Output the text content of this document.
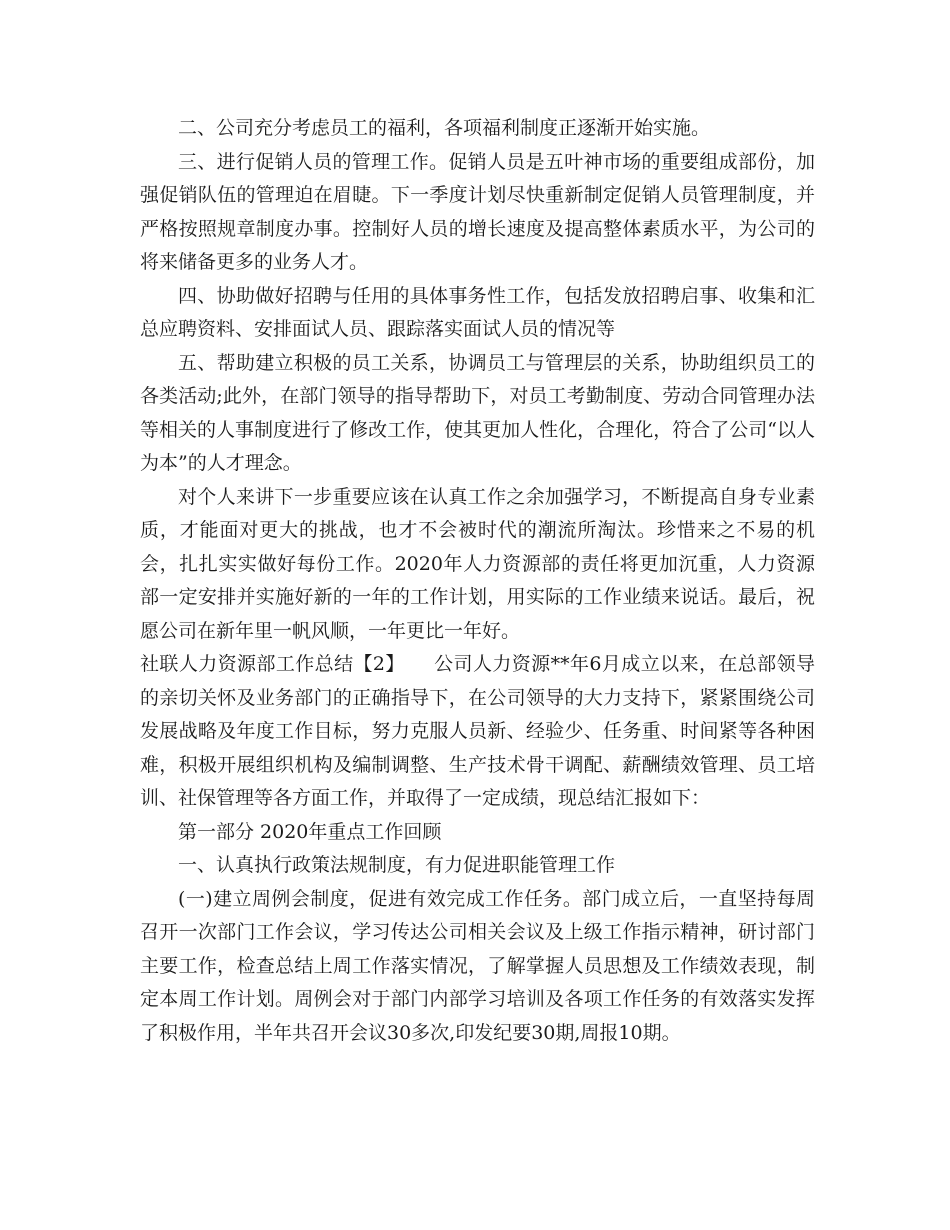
二、公司充分考虑员工的福利，各项福利制度正逐渐开始实施。

三、进行促销人员的管理工作。促销人员是五叶神市场的重要组成部份，加强促销队伍的管理迫在眉睫。下一季度计划尽快重新制定促销人员管理制度，并严格按照规章制度办事。控制好人员的增长速度及提高整体素质水平，为公司的将来储备更多的业务人才。

四、协助做好招聘与任用的具体事务性工作，包括发放招聘启事、收集和汇总应聘资料、安排面试人员、跟踪落实面试人员的情况等

五、帮助建立积极的员工关系，协调员工与管理层的关系，协助组织员工的各类活动;此外，在部门领导的指导帮助下，对员工考勤制度、劳动合同管理办法等相关的人事制度进行了修改工作，使其更加人性化，合理化，符合了公司“以人为本”的人才理念。

对个人来讲下一步重要应该在认真工作之余加强学习，不断提高自身专业素质，才能面对更大的挑战，也才不会被时代的潮流所淘汰。珍惜来之不易的机会，扎扎实实做好每份工作。2020年人力资源部的责任将更加沉重，人力资源部一定安排并实施好新的一年的工作计划，用实际的工作业绩来说话。最后，祝愿公司在新年里一帆风顺，一年更比一年好。

社联人力资源部工作总结【2】　　公司人力资源**年6月成立以来，在总部领导的亲切关怀及业务部门的正确指导下，在公司领导的大力支持下，紧紧围绕公司发展战略及年度工作目标，努力克服人员新、经验少、任务重、时间紧等各种困难，积极开展组织机构及编制调整、生产技术骨干调配、薪酬绩效管理、员工培训、社保管理等各方面工作，并取得了一定成绩，现总结汇报如下：

第一部分 2020年重点工作回顾

一、认真执行政策法规制度，有力促进职能管理工作

(一)建立周例会制度，促进有效完成工作任务。部门成立后，一直坚持每周召开一次部门工作会议，学习传达公司相关会议及上级工作指示精神，研讨部门主要工作，检查总结上周工作落实情况，了解掌握人员思想及工作绩效表现，制定本周工作计划。周例会对于部门内部学习培训及各项工作任务的有效落实发挥了积极作用，半年共召开会议30多次,印发纪要30期,周报10期。
